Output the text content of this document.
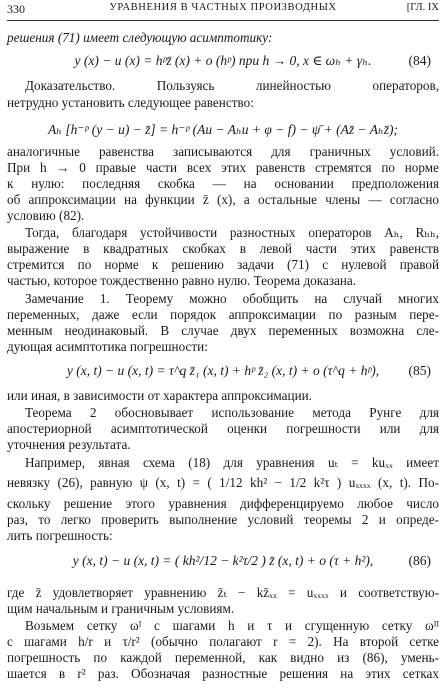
330	УРАВНЕНИЯ В ЧАСТНЫХ ПРОИЗВОДНЫХ	[ГЛ. IX
решения (71) имеет следующую асимптотику:
y (x) − u (x) = hᵖz̄ (x) + o (hᵖ) при h → 0, x ∈ ωₕ + γₕ.	(84)
Доказательство. Пользуясь линейностью операторов,
нетрудно установить следующее равенство:
Aₕ [h⁻ᵖ (y − u) − z̄] = h⁻ᵖ (Au − Aₕu + φ − f) − ψ̄ + (Az̄ − Aₕz̄);
аналогичные равенства записываются для граничных условий.
При h → 0 правые части всех этих равенств стремятся по норме
к нулю: последняя скобка — на основании предположения
об аппроксимации на функции z̄ (x), а остальные члены — согласно
условию (82).
Тогда, благодаря устойчивости разностных операторов Aₕ, Rₕₕ,
выражение в квадратных скобках в левой части этих равенств
стремится по норме к решению задачи (71) с нулевой правой
частью, которое тождественно равно нулю. Теорема доказана.
Замечание 1. Теорему можно обобщить на случай многих
переменных, даже если порядок аппроксимации по разным пере-
менным неодинаковый. В случае двух переменных возможна сле-
дующая асимптотика погрешности:
y (x, t) − u (x, t) = τ^q z̄₁ (x, t) + hᵖ z̄₂ (x, t) + o (τ^q + hᵖ),	(85)
или иная, в зависимости от характера аппроксимации.
Теорема 2 обосновывает использование метода Рунге для
апостериорной асимптотической оценки погрешности или для
уточнения результата.
Например, явная схема (18) для уравнения uₜ = kuₓₓ имеет
невязку (26), равную ψ (x, t) = ( 1/12 kh² − 1/2 k²τ ) uₓₓₓₓ (x, t). По-
скольку решение этого уравнения дифференцируемо любое число
раз, то легко проверить выполнение условий теоремы 2 и опреде-
лить погрешность:
y (x, t) − u (x, t) = ( kh²/12 − k²τ/2 ) z̄ (x, t) + o (τ + h²),	(86)
где z̄ удовлетворяет уравнению z̄ₜ − kz̄ₓₓ = uₓₓₓₓ и соответствую-
щим начальным и граничным условиям.
Возьмем сетку ωᴵ с шагами h и τ и сгущенную сетку ωᴵᴵ
с шагами h/r и τ/r² (обычно полагают r = 2). На второй сетке
погрешность по каждой переменной, как видно из (86), умень-
шается в r² раз. Обозначая разностные решения на этих сетках
